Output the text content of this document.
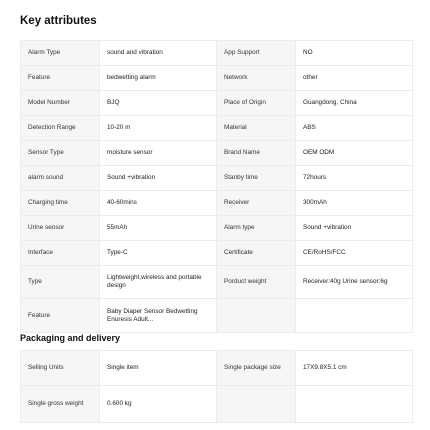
Key attributes
Alarm Type	sound and vibration	App Support	NO
Feature	bedwetting alarm	Network	other
Model Number	BJQ	Place of Origin	Guangdong, China
Detection Range	10-20 m	Material	ABS
Sensor Type	moisture sensor	Brand Name	OEM ODM
alarm sound	Sound +vibration	Stanby time	72hours
Charging time	40-60mins	Receiver	300mAh
Urine sensor	55mAh	Alarm type	Sound +vibration
Interface	Type-C	Certificate	CE/RoHS/FCC
Type	Lightweight,wireless and portable design	Porduct weight	Receiver:40g Urine sensor:6g
Feature	Baby Diaper Sensor Bedwetting Enuresis Adult...		
Packaging and delivery
Selling Units	Single item	Single package size	17X9.8X5.1 cm
Single gross weight	0.600 kg		
